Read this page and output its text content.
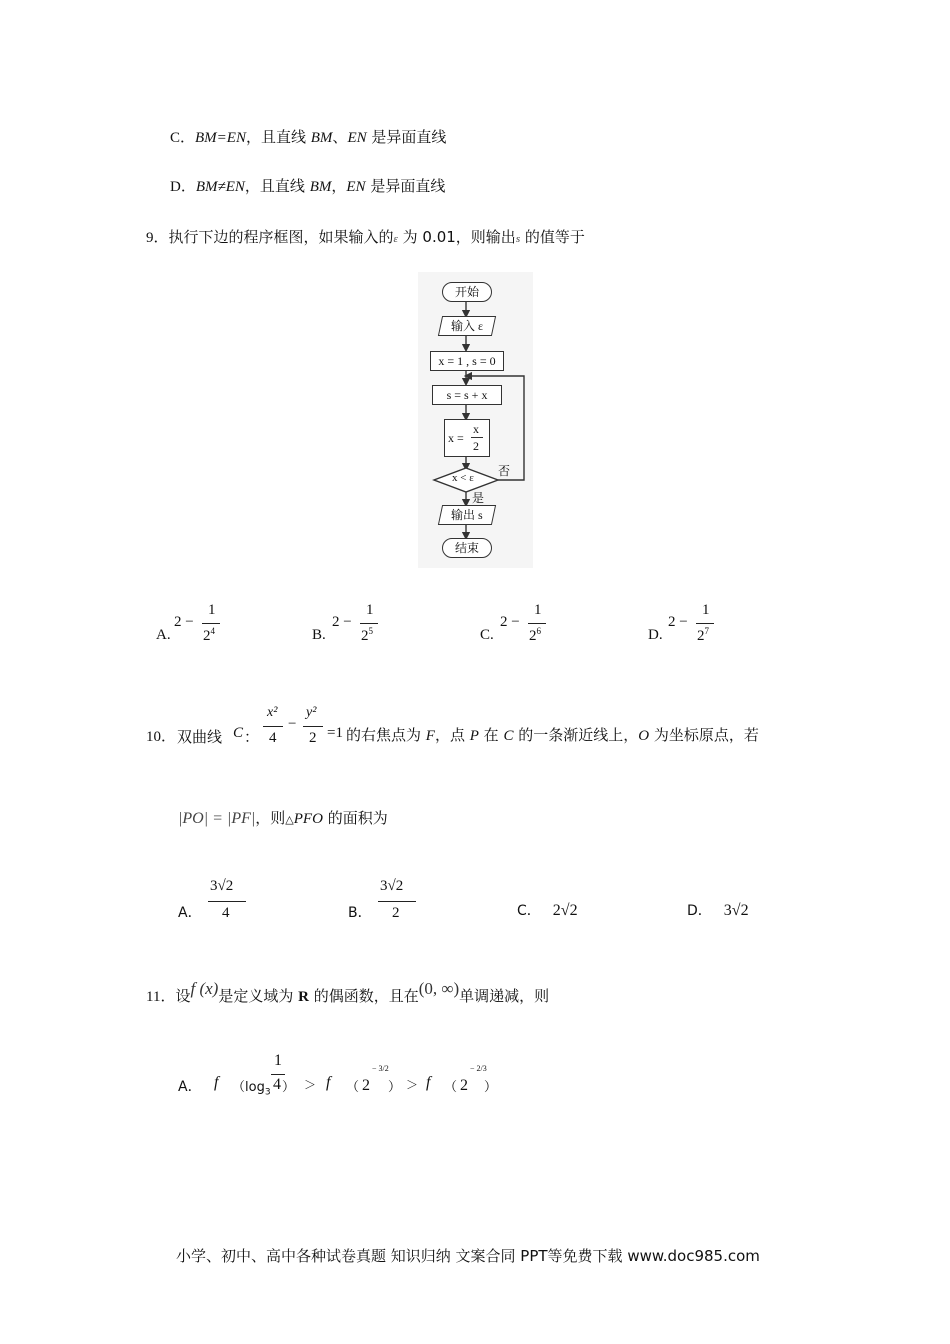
C．BM=EN，且直线 BM、EN 是异面直线
D．BM≠EN，且直线 BM，EN 是异面直线
9．执行下边的程序框图，如果输入的ε 为 0.01，则输出s 的值等于
开始
输入 ε
x = 1 , s = 0
s = s + x
x =
x
2
x < ε 否
是
输出 s
结束
A.
2 −
1
$2^4$	B.
2 −
1
$2^5$	C.
2 −
1
$2^6$	D.
2 −
1
$2^7$
10． 双曲线 C ：
x²
4
−
y²
2 =1 的右焦点为 F，点 P 在 C 的一条渐近线上，O 为坐标原点，若
|PO| = |PF|，则△PFO 的面积为
A．
3√2
4	B．
3√2
2	C． 2√2	D． 3√2
11．设f (x)是定义域为 R 的偶函数，且在(0, ∞)单调递减，则
A． f （$\log_3$
1
4 ） ＞ f （ 2
− 3/2
） ＞ f （ 2
− 2/3
）
小学、初中、高中各种试卷真题 知识归纳 文案合同 PPT等免费下载 www.doc985.com
